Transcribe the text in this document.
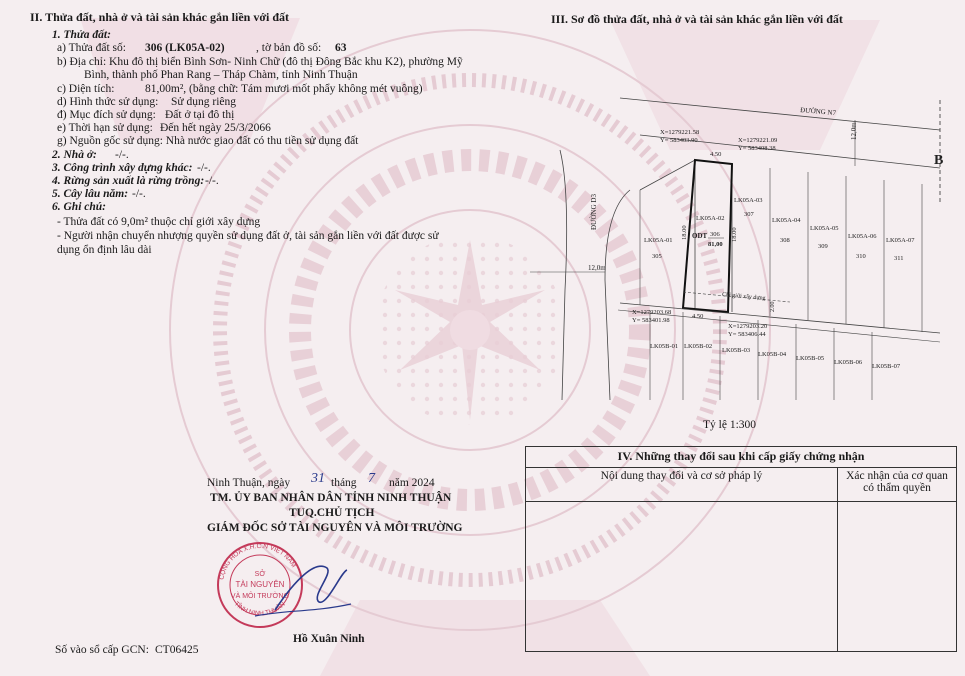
II. Thửa đất, nhà ở và tài sản khác gắn liền với đất
1. Thửa đất:
a) Thửa đất số: 306 (LK05A-02)	, tờ bản đồ số: 63
b) Địa chỉ: Khu đô thị biển Bình Sơn- Ninh Chữ (đô thị Đông Bắc khu K2), phường Mỹ
Bình, thành phố Phan Rang – Tháp Chàm, tỉnh Ninh Thuận
c) Diện tích:	81,00m², (bằng chữ: Tám mươi mốt phẩy không mét vuông)
d) Hình thức sử dụng: Sử dụng riêng
đ) Mục đích sử dụng: Đất ở tại đô thị
e) Thời hạn sử dụng: Đến hết ngày 25/3/2066
g) Nguồn gốc sử dụng: Nhà nước giao đất có thu tiền sử dụng đất
2. Nhà ở: -/-.
3. Công trình xây dựng khác: -/-.
4. Rừng sản xuất là rừng trồng: -/-.
5. Cây lâu năm: -/-.
6. Ghi chú:
- Thửa đất có 9,0m² thuộc chỉ giới xây dựng
- Người nhận chuyển nhượng quyền sử dụng đất ở, tài sản gắn liền với đất được sử
dụng ổn định lâu dài
Ninh Thuận, ngày 31 tháng 7 năm 2024
TM. ỦY BAN NHÂN DÂN TỈNH NINH THUẬN
TUQ.CHỦ TỊCH
GIÁM ĐỐC SỞ TÀI NGUYÊN VÀ MÔI TRƯỜNG
CỘNG HÒA X.H.C.N VIỆT NAM
TỈNH NINH THUẬN
SỞ
TÀI NGUYÊN
VÀ MÔI TRƯỜNG
Hồ Xuân Ninh
Số vào sổ cấp GCN: CT06425
III. Sơ đồ thửa đất, nhà ở và tài sản khác gắn liền với đất
ĐƯỜNG N7
ĐƯỜNG D3
12,0m
12,0m
Chỉ giới xây dựng
2.00
X=1279221.58
Y= 583403.90	X=1279221.09
Y= 583408.38
X=1279203.68
Y= 583401.98
X=1279203.20
Y= 583406.44
4.50
4.50
18.00	18.00
LK05A-02
ODT 306
81,00
LK05A-01
305
LK05A-03
307
LK05A-04
308
LK05A-05
309
LK05A-06
310
LK05A-07
311
LK05B-01 LK05B-02
LK05B-03
LK05B-04
LK05B-05
LK05B-06
LK05B-07
B
Tỷ lệ 1:300
IV. Những thay đổi sau khi cấp giấy chứng nhận	
Nội dung thay đổi và cơ sở pháp lý	Xác nhận của cơ quan
có thẩm quyền
